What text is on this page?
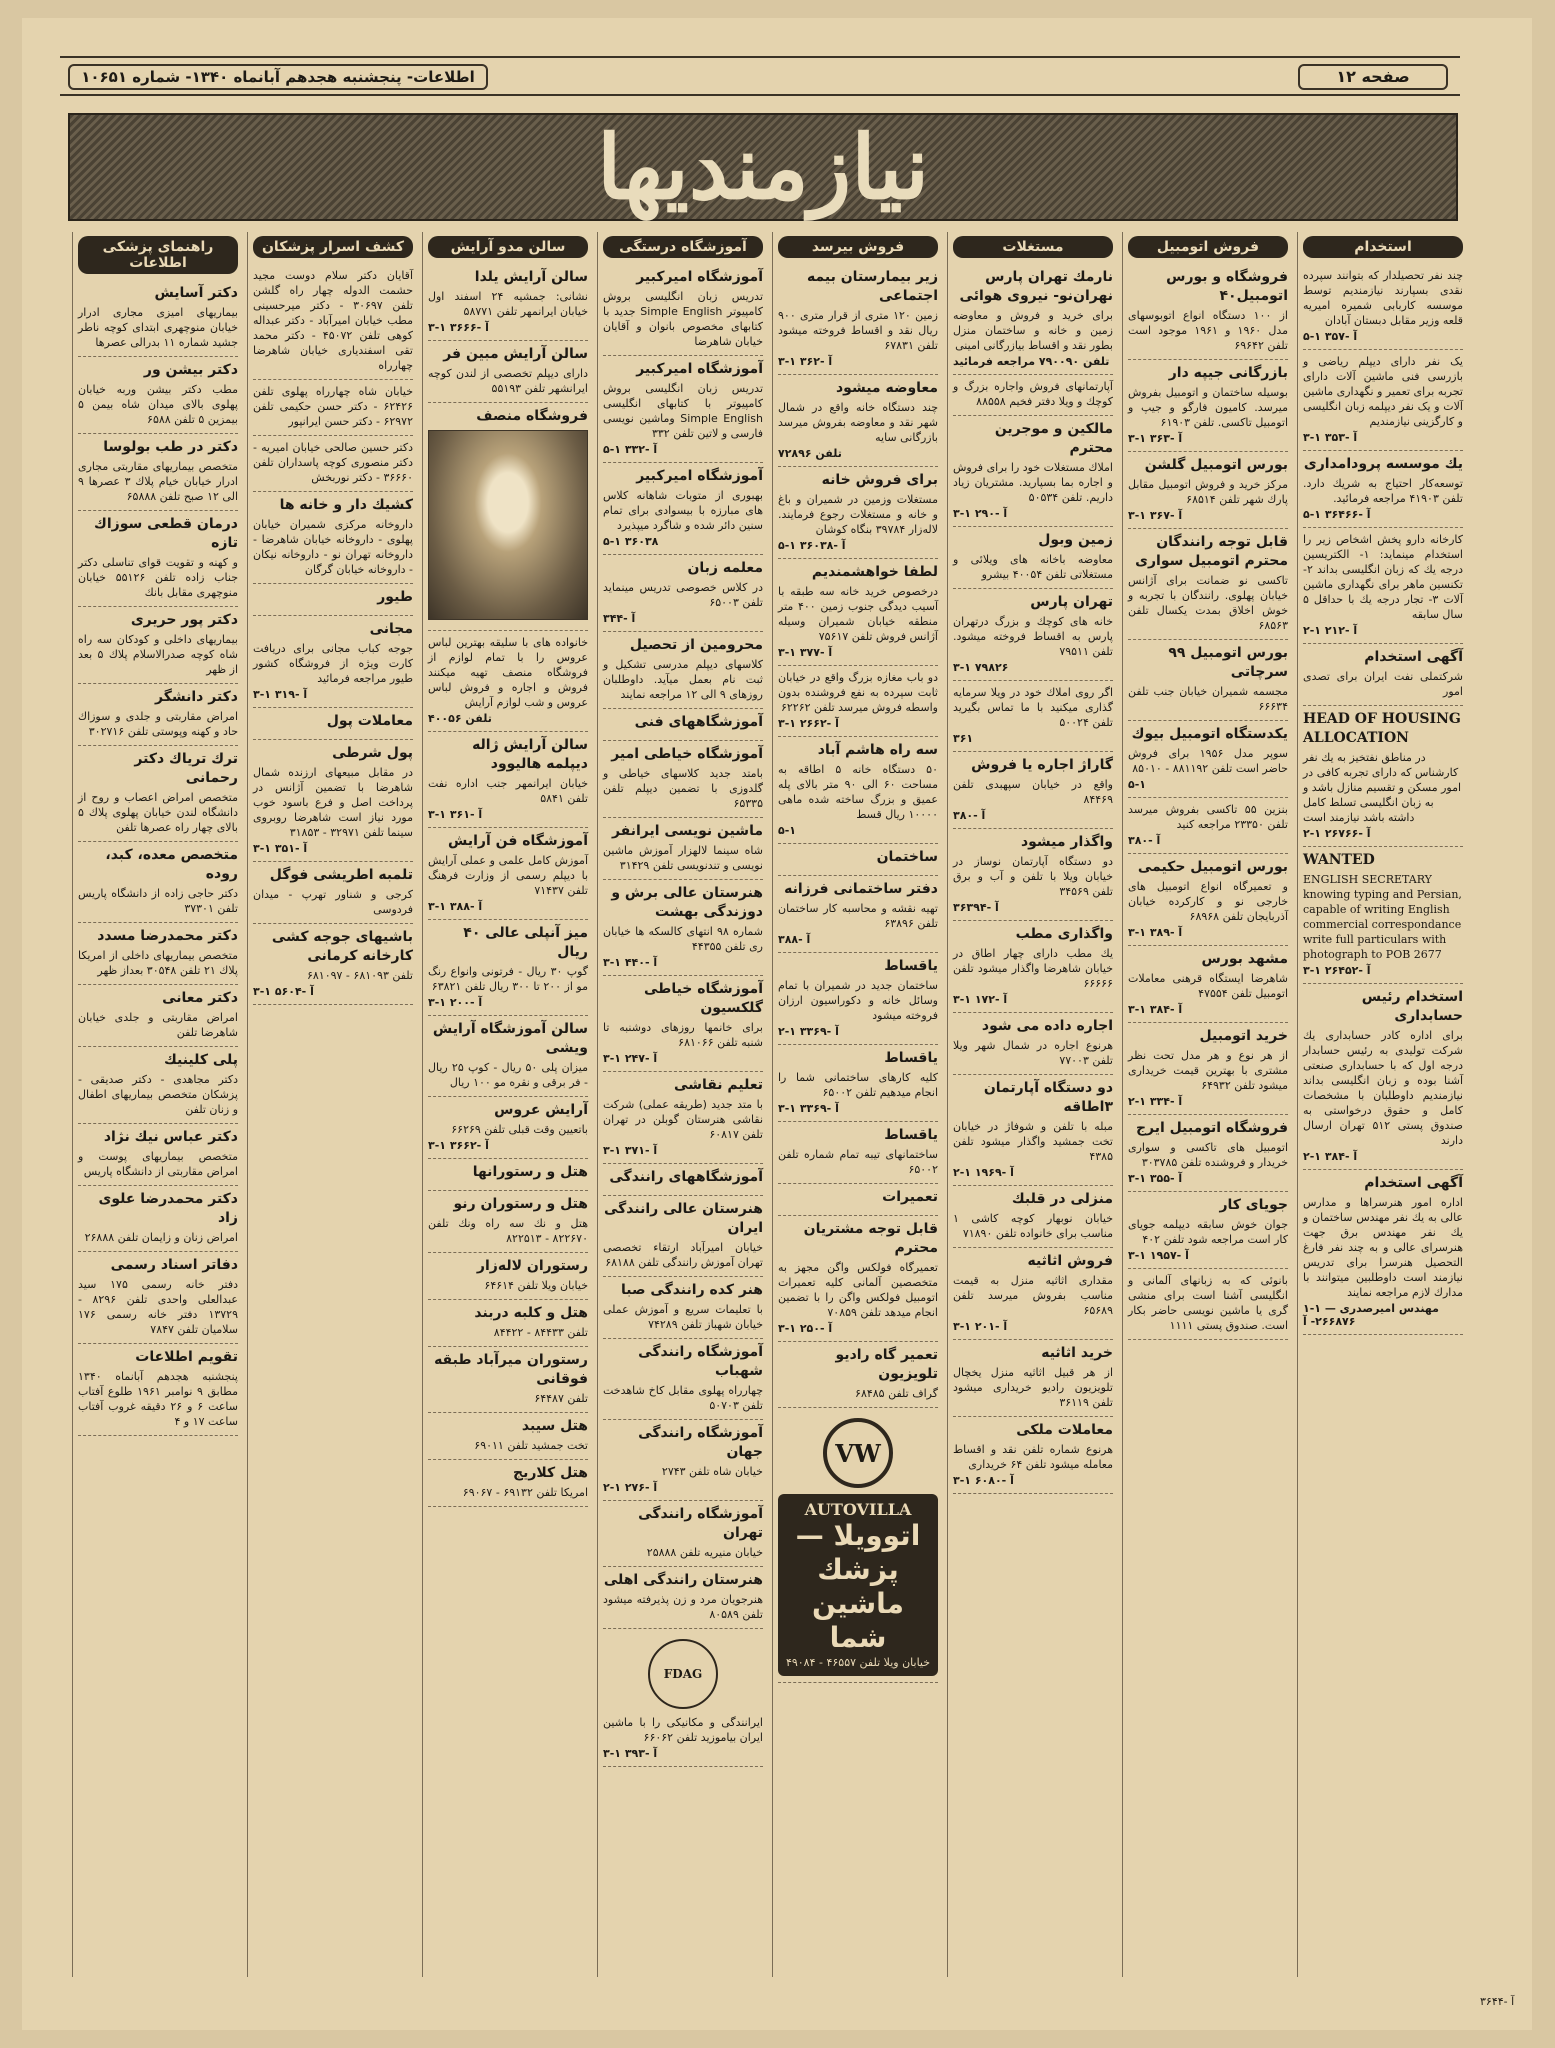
صفحه ۱۲
اطلاعات- پنجشنبه هجدهم آبانماه ۱۳۴۰- شماره ۱۰۶۵۱
نیازمندیها
استخدام
چند نفر تحصیلدار که بتوانند سپرده نقدی بسپارند نیازمندیم توسط موسسه کاربابی شمیره امیریه قلعه وزیر مقابل دبستان آبادان
۵-۱ ۳۵۷- آ
یک نفر دارای دیپلم ریاضی و بازرسی فنی ماشین آلات دارای تجربه برای تعمیر و نگهداری ماشین آلات و یک نفر دیپلمه زبان انگلیسی و کارگزینی نیازمندیم
۳-۱ ۳۵۳- آ
یك موسسه پرودامداری
توسعه‌کار احتیاج به شریك دارد. تلفن ۴۱۹۰۳ مراجعه فرمائید.
۵-۱ ۳۶۴۶۶- آ
کارخانه دارو پخش اشخاص زیر را استخدام مینماید: ۱- الکتریسین درجه یك که زبان انگلیسی بداند ۲- تکنسین ماهر برای نگهداری ماشین آلات ۳- تجار درجه یك با حداقل ۵ سال سابقه
۲-۱ ۲۱۲- آ
آگهی استخدام
شرکتملی نفت ایران برای تصدی امور
HEAD OF HOUSING ALLOCATION
در مناطق نفتخیز به یك نفر کارشناس که دارای تجربه کافی در امور مسکن و تقسیم منازل باشد و به زبان انگلیسی تسلط کامل داشته باشد نیازمند است
۲-۱ ۲۶۷۶۶- آ
WANTED
ENGLISH SECRETARY knowing typing and Persian, capable of writing English commercial correspondance write full particulars with photograph to POB 2677
۳-۱ ۲۶۴۵۲- آ
استخدام رئیس حسابداری
برای اداره کادر حسابداری یك شرکت تولیدی به رئیس حسابدار درجه اول که با حسابداری صنعتی آشنا بوده و زبان انگلیسی بداند نیازمندیم داوطلبان با مشخصات کامل و حقوق درخواستی به صندوق پستی ۵۱۲ تهران ارسال دارند
۲-۱ ۳۸۴- آ
آگهی استخدام
اداره امور هنرسراها و مدارس عالی به یك نفر مهندس ساختمان و یك نفر مهندس برق جهت هنرسرای عالی و به چند نفر فارغ التحصیل هنرسرا برای تدریس نیازمند است داوطلبین میتوانند با مدارك لازم مراجعه نمایند
مهندس امیرصدری — ۱-۱ ۲۶۶۸۷۶- آ
فروش اتومبیل
فروشگاه و بورس اتومبیل۴۰
از ۱۰۰ دستگاه انواع اتوبوسهای مدل ۱۹۶۰ و ۱۹۶۱ موجود است تلفن ۶۹۶۴۲
بازرگانی جیپه دار
بوسیله ساختمان و اتومبیل بفروش میرسد. کامیون فارگو و جیپ و اتومبیل تاکسی. تلفن ۶۱۹۰۳
۳-۱ ۳۶۳- آ
بورس اتومبیل گلشن
مرکز خرید و فروش اتومبیل مقابل پارك شهر تلفن ۶۸۵۱۴
۳-۱ ۳۶۷- آ
قابل توجه رانندگان محترم اتومبیل سواری
تاکسی نو ضمانت برای آژانس خیابان پهلوی. رانندگان با تجربه و خوش اخلاق بمدت یکسال تلفن ۶۸۵۶۳
بورس اتومبیل ۹۹ سرچاتی
مجسمه شمیران خیابان جنب تلفن ۶۶۶۳۴
یکدستگاه اتومبیل بیوك
سوپر مدل ۱۹۵۶ برای فروش حاضر است تلفن ۸۸۱۱۹۲ - ۸۵۰۱۰
۵-۱
بنزین ۵۵ تاکسی بفروش میرسد تلفن ۲۳۳۵۰ مراجعه کنید
۳۸۰- آ
بورس اتومبیل حکیمی
و تعمیرگاه انواع اتومبیل های خارجی نو و کارکرده خیابان آذربایجان تلفن ۶۸۹۶۸
۳-۱ ۳۸۹- آ
مشهد بورس
شاهرضا ایستگاه قرهنی معاملات اتومبیل تلفن ۴۷۵۵۴
۳-۱ ۳۸۴- آ
خرید اتومبیل
از هر نوع و هر مدل تحت نظر مشتری با بهترین قیمت خریداری میشود تلفن ۶۴۹۳۲
۲-۱ ۳۳۴- آ
فروشگاه اتومبیل ایرج
اتومبیل های تاکسی و سواری خریدار و فروشنده تلفن ۳۰۳۷۸۵
۳-۱ ۳۵۵- آ
جویای کار
جوان خوش سابقه دیپلمه جویای کار است مراجعه شود تلفن ۴۰۲
۳-۱ ۱۹۵۷- آ
بانوئی که به زبانهای آلمانی و انگلیسی آشنا است برای منشی گری یا ماشین نویسی حاضر بکار است. صندوق پستی ۱۱۱۱
مستغلات
نارمك تهران پارس نهران‌نو- نیروی هوائی
برای خرید و فروش و معاوضه زمین و خانه و ساختمان منزل بطور نقد و اقساط بیازرگانی امینی
تلفن ۷۹۰۰۹۰ مراجعه فرمائید
آپارتمانهای فروش واجاره بزرگ و کوچك و ویلا دفتر فخیم ۸۸۵۵۸
مالکین و موجرین محترم
املاك مستغلات خود را برای فروش و اجاره بما بسپارید. مشتریان زیاد داریم. تلفن ۵۰۵۳۴
۳-۱ ۲۹۰- آ
زمین وبول
معاوضه باخانه های ویلائی و مستغلاتی تلفن ۴۰۰۵۴ بیشرو
تهران پارس
خانه های کوچك و بزرگ درتهران پارس به اقساط فروخته میشود. تلفن ۷۹۵۱۱
۳-۱ ۷۹۸۲۶
اگر روی املاك خود در ویلا سرمایه گذاری میکنید با ما تماس بگیرید تلفن ۵۰۰۲۴
۳۶۱
گاراژ اجاره یا فروش
واقع در خیابان سپهبدی تلفن ۸۴۴۶۹
۳۸۰- آ
واگذار میشود
دو دستگاه آپارتمان نوساز در خیابان ویلا با تلفن و آب و برق تلفن ۳۴۵۶۹
۳۶۳۹۴- آ
واگذاری مطب
یك مطب دارای چهار اطاق در خیابان شاهرضا واگذار میشود تلفن ۶۶۶۶۶
۳-۱ ۱۷۲- آ
اجاره داده می شود
هرنوع اجاره در شمال شهر ویلا تلفن ۷۷۰۰۳
دو دستگاه آپارتمان ۳اطاقه
مبله با تلفن و شوفاژ در خیابان تخت جمشید واگذار میشود تلفن ۴۳۸۵
۲-۱ ۱۹۶۹- آ
منزلی در قلبك
خیابان نوبهار کوچه کاشی ۱ مناسب برای خانواده تلفن ۷۱۸۹۰
فروش اثاثیه
مقداری اثاثیه منزل به قیمت مناسب بفروش میرسد تلفن ۶۵۶۸۹
۳-۱ ۲۰۱- آ
خرید اثاثیه
از هر قبیل اثاثیه منزل یخچال تلویزیون رادیو خریداری میشود تلفن ۳۶۱۱۹
معاملات ملکی
هرنوع شماره تلفن نقد و اقساط معامله میشود تلفن ۶۴ خریداری
۳-۱ ۶۰۸۰- آ
فروش بیرسد
زیر بیمارستان بیمه اجتماعی
زمین ۱۲۰ متری از قرار متری ۹۰۰ ریال نقد و اقساط فروخته میشود تلفن ۶۷۸۳۱
۳-۱ ۳۶۲- آ
معاوضه میشود
چند دستگاه خانه واقع در شمال شهر نقد و معاوضه بفروش میرسد بازرگانی سایه
تلفن ۷۲۸۹۶
برای فروش خانه
مستغلات وزمین در شمیران و باغ و خانه و مستغلات رجوع فرمایند. لاله‌زار ۳۹۷۸۴ بنگاه کوشان
۵-۱ ۳۶۰۳۸- آ
لطفا خواهشمندیم
درخصوص خرید خانه سه طبقه با آسیب دیدگی جنوب زمین ۴۰۰ متر منطقه خیابان شمیران وسیله آژانس فروش تلفن ۷۵۶۱۷
۳-۱ ۳۷۷- آ
دو باب مغازه بزرگ واقع در خیابان ثابت سپرده به نفع فروشنده بدون واسطه فروش میرسد تلفن ۶۲۲۶۲
۳-۱ ۲۶۶۲- آ
سه راه هاشم آباد
۵۰ دستگاه خانه ۵ اطاقه به مساحت ۶۰ الی ۹۰ متر بالای پله عمیق و بزرگ ساخته شده ماهی ۱۰۰۰۰ ریال قسط
۵-۱
ساختمان
دفتر ساختمانی فرزانه
تهیه نقشه و محاسبه کار ساختمان تلفن ۶۳۸۹۶
۳۸۸- آ
یاقساط
ساختمان جدید در شمیران با تمام وسائل خانه و دکوراسیون ارزان فروخته میشود
۲-۱ ۳۳۶۹- آ
یاقساط
کلیه کارهای ساختمانی شما را انجام میدهیم تلفن ۶۵۰۰۲
۳-۱ ۳۳۶۹- آ
یاقساط
ساختمانهای تیبه تمام شماره تلفن ۶۵۰۰۲
تعمیرات
قابل توجه مشتریان محترم
تعمیرگاه فولکس واگن مجهز به متخصصین آلمانی کلیه تعمیرات اتومبیل فولکس واگن را با تضمین انجام میدهد تلفن ۷۰۸۵۹
۳-۱ ۲۵۰- آ
تعمیر گاه رادیو تلویزیون
گراف تلفن ۶۸۴۸۵
VW
AUTOVILLA
اتوویلا — پزشك ماشین شما
خیابان ویلا تلفن ۴۶۵۵۷ - ۴۹۰۸۴
آموزشگاه درستگی
آموزشگاه امیرکبیر
تدریس زبان انگلیسی بروش کامپیوتر Simple English جدید با کتابهای مخصوص بانوان و آقایان خیابان شاهرضا
آموزشگاه امیرکبیر
تدریس زبان انگلیسی بروش کامپیوتر با کتابهای انگلیسی Simple English وماشین نویسی فارسی و لاتین تلفن ۳۳۲
۵-۱ ۳۳۲- آ
آموزشگاه امیرکبیر
بهبوری از متوبات شاهانه کلاس های مبارزه با بیسوادی برای تمام سنین دائر شده و شاگرد میپذیرد
۵-۱ ۳۶۰۳۸
معلمه زبان
در کلاس خصوصی تدریس مینماید تلفن ۶۵۰۰۳
۳۴۴- آ
محرومین از تحصیل
کلاسهای دیپلم مدرسی تشکیل و ثبت نام بعمل میآید. داوطلبان روزهای ۹ الی ۱۲ مراجعه نمایند
آموزشگاههای فنی
آموزشگاه خیاطی امیر
بامتد جدید کلاسهای خیاطی و گلدوزی با تضمین دیپلم تلفن ۶۵۳۳۵
ماشین نویسی ایرانفر
شاه سینما لالهزار آموزش ماشین نویسی و تندنویسی تلفن ۳۱۴۲۹
هنرستان عالی برش و دوزندگی بهشت
شماره ۹۸ انتهای کالسکه ها خیابان ری تلفن ۴۴۳۵۵
۳-۱ ۴۴۰- آ
آموزشگاه خیاطی گلکسیون
برای خانمها روزهای دوشنبه تا شنبه تلفن ۶۸۱۰۶۶
۳-۱ ۲۴۷- آ
تعلیم نقاشی
با متد جدید (طریقه عملی) شرکت نقاشی هنرستان گوبلن در تهران تلفن ۶۰۸۱۷
۳-۱ ۳۷۱- آ
آموزشگاههای رانندگی
هنرستان عالی رانندگی ایران
خیابان امیرآباد ارتقاء تخصصی تهران آموزش رانندگی تلفن ۶۸۱۸۸
هنر کده رانندگی صبا
با تعلیمات سریع و آموزش عملی خیابان شهباز تلفن ۷۴۲۸۹
آموزشگاه رانندگی شهباب
چهارراه پهلوی مقابل کاخ شاهدخت تلفن ۵۰۷۰۳
آموزشگاه رانندگی جهان
خیابان شاه تلفن ۲۷۴۳
۲-۱ ۲۷۶- آ
آموزشگاه رانندگی تهران
خیابان منیریه تلفن ۲۵۸۸۸
هنرستان رانندگی اهلی
هنرجویان مرد و زن پذیرفته میشود تلفن ۸۰۵۸۹
FDAG
ایرانندگی و مکانیکی را با ماشین ایران بیاموزید تلفن ۶۶۰۶۲
۳-۱ ۳۹۳- آ
سالن مدو آرایش
سالن آرایش یلدا
نشانی: جمشیه ۲۴ اسفند اول خیابان ایرانمهر تلفن ۵۸۷۷۱
۳-۱ ۳۶۶۶- آ
سالن آرایش مبین فر
دارای دیپلم تخصصی از لندن کوچه ایرانشهر تلفن ۵۵۱۹۳
فروشگاه منصف
خانواده های با سلیقه بهترین لباس عروس را با تمام لوازم از فروشگاه منصف تهیه میکنند فروش و اجاره و فروش لباس عروس و شب لوازم آرایش
تلفن ۴۰۰۵۶
سالن آرایش ژاله دیپلمه هالیوود
خیابان ایرانمهر جنب اداره نفت تلفن ۵۸۴۱
۳-۱ ۳۶۱- آ
آموزشگاه فن آرایش
آموزش کامل علمی و عملی آرایش با دیپلم رسمی از وزارت فرهنگ تلفن ۷۱۴۳۷
۳-۱ ۳۸۸- آ
میز آنپلی عالی ۴۰ ریال
گوپ ۳۰ ریال - فرتونی وانواع رنگ مو از ۲۰۰ تا ۳۰۰ ریال تلفن ۶۳۸۲۱
۳-۱ ۲۰۰- آ
سالن آموزشگاه آرایش ویشی
میزان پلی ۵۰ ریال - کوپ ۲۵ ریال - فر برقی و نقره مو ۱۰۰ ریال
آرایش عروس
باتعیین وقت قبلی تلفن ۶۶۲۶۹
۳-۱ ۳۶۶۲- آ
هتل و رستورانها
هتل و رستوران رنو
هتل و نك سه راه ونك تلفن ۸۲۲۶۷۰ - ۸۲۲۵۱۳
رستوران لاله‌زار
خیابان ویلا تلفن ۶۴۶۱۴
هتل و کلبه دربند
تلفن ۸۴۴۳۳ - ۸۴۴۲۲
رستوران میرآباد طبقه فوقانی
تلفن ۶۴۴۸۷
هتل سیبد
تخت جمشید تلفن ۶۹۰۱۱
هتل کلاریج
امریکا تلفن ۶۹۱۳۲ - ۶۹۰۶۷
کشف اسرار پزشکان
آقایان دکتر سلام دوست مجید حشمت الدوله چهار راه گلشن تلفن ۳۰۶۹۷ - دکتر میرحسینی مطب خیابان امیرآباد - دکتر عبداله کوهی تلفن ۴۵۰۷۲ - دکتر محمد تقی اسفندیاری خیابان شاهرضا چهارراه
خیابان شاه چهارراه پهلوی تلفن ۶۲۴۲۶ - دکتر حسن حکیمی تلفن ۶۲۹۷۲ - دکتر حسن ایرانپور
دکتر حسین صالحی خیابان امیریه - دکتر منصوری کوچه پاسداران تلفن ۳۶۶۶۰ - دکتر نوربخش
کشیك دار و خانه ها
داروخانه مرکزی شمیران خیابان پهلوی - داروخانه خیابان شاهرضا - داروخانه تهران نو - داروخانه نیکان - داروخانه خیابان گرگان
طیور
مجانی
جوجه کباب مجانی برای دریافت کارت ویژه از فروشگاه کشور طیور مراجعه فرمائید
۳-۱ ۳۱۹- آ
معاملات پول
پول شرطی
در مقابل مبیعهای ارزنده شمال شاهرضا با تضمین آژانس در پرداخت اصل و فرع باسود خوب مورد نیاز است شاهرضا روبروی سینما تلفن ۳۲۹۷۱ - ۳۱۸۵۳
۳-۱ ۳۵۱- آ
تلمبه اطریشی فوگل
کرجی و شناور تهرپ - میدان فردوسی
باشیهای جوجه کشی کارخانه کرمانی
تلفن ۶۸۱۰۹۳ - ۶۸۱۰۹۷
۳-۱ ۵۶۰۴- آ
راهنمای پزشکی اطلاعات
دکتر آسایش
بیماریهای امیزی مجاری ادرار خیابان منوچهری ابتدای کوچه ناطر جشید شماره ۱۱ بدرالی عصرها
دکتر بیشن ور
مطب دکتر بیشن وربه خیابان پهلوی بالای میدان شاه بیمن ۵ بیمزین ۵ تلفن ۶۵۸۸
دکتر در طب بولوسا
متخصص بیماریهای مقاربتی مجاری ادرار خیابان خیام پلاك ۳ عصرها ۹ الی ۱۲ صبح تلفن ۶۵۸۸۸
درمان قطعی سوزاك تازه
و کهنه و تقویت قوای تناسلی دکتر جناب زاده تلفن ۵۵۱۲۶ خیابان منوچهری مقابل بانك
دکتر پور حریری
بیماریهای داخلی و کودکان سه راه شاه کوچه صدرالاسلام پلاك ۵ بعد از ظهر
دکتر دانشگر
امراض مقاربتی و جلدی و سوزاك حاد و کهنه وپوستی تلفن ۳۰۲۷۱۶
ترك تریاك دکتر رحمانی
متخصص امراض اعصاب و روح از دانشگاه لندن خیابان پهلوی پلاك ۵ بالای چهار راه عصرها تلفن
متخصص معده، کبد، روده
دکتر حاجی زاده از دانشگاه پاریس تلفن ۳۷۳۰۱
دکتر محمدرضا مسدد
متخصص بیماریهای داخلی از امریکا پلاك ۲۱ تلفن ۳۰۵۴۸ بعداز ظهر
دکتر معانی
امراض مقاربتی و جلدی خیابان شاهرضا تلفن
پلی کلینیك
دکتر مجاهدی - دکتر صدیقی - پزشکان متخصص بیماریهای اطفال و زنان تلفن
دکتر عباس نیك نژاد
متخصص بیماریهای پوست و امراض مقاربتی از دانشگاه پاریس
دکتر محمدرضا علوی زاد
امراض زنان و زایمان تلفن ۲۶۸۸۸
دفاتر اسناد رسمی
دفتر خانه رسمی ۱۷۵ سید عبدالعلی واحدی تلفن ۸۲۹۶ - ۱۳۷۲۹ دفتر خانه رسمی ۱۷۶ سلامیان تلفن ۷۸۴۷
تقویم اطلاعات
پنجشنبه هجدهم آبانماه ۱۳۴۰ مطابق ۹ نوامبر ۱۹۶۱ طلوع آفتاب ساعت ۶ و ۲۶ دقیقه غروب آفتاب ساعت ۱۷ و ۴
۳۶۴۴- آ
